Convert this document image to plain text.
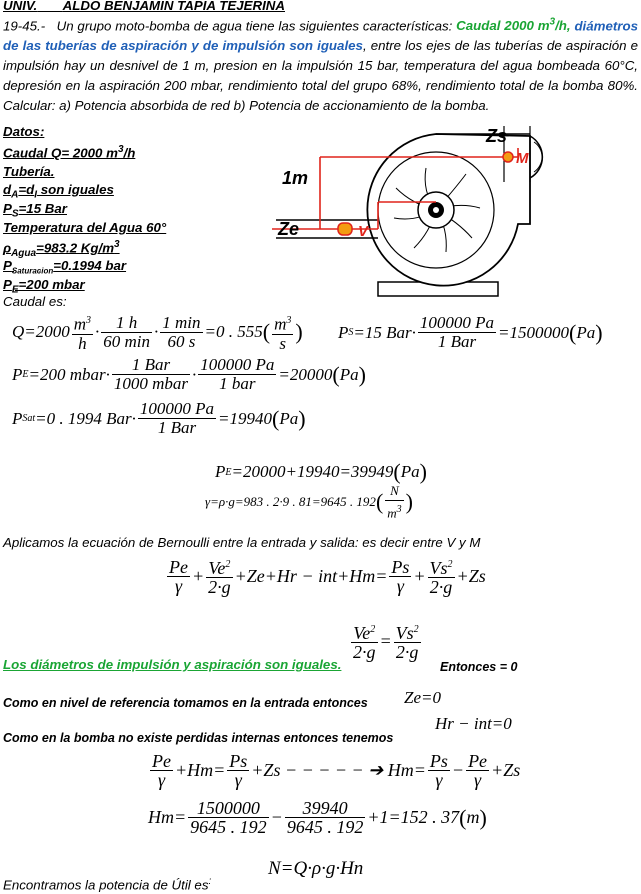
UNIV. ALDO BENJAMIN TAPIA TEJERINA
19-45.- Un grupo moto-bomba de agua tiene las siguientes características: Caudal 2000 $m^3/h$, diámetros de las tuberías de aspiración y de impulsión son iguales, entre los ejes de las tuberías de aspiración e impulsión hay un desnivel de 1 m, presion en la impulsión 15 bar, temperatura del agua bombeada 60°C, depresión en la aspiración 200 mbar, rendimiento total del grupo 68%, rendimiento total de la bomba 80%. Calcular: a) Potencia absorbida de red b) Potencia de accionamiento de la bomba.
Datos:
Caudal Q= 2000 $m^3/h$
Tubería.
$d_A=d_I$ son iguales
$P_S=15$ Bar
Temperatura del Agua 60°
$\rho_{Agua}=983.2$ $Kg/m^3$
$P_{Saturacion}=0.1994$ bar
$P_E=200$ mbar
Caudal es:
1m
Ze	V
Zs
M
$Q=2000 \frac{m^3}{h} \cdot \frac{1 h}{60 \min} \cdot \frac{1 \min}{60 s} =0$ . 555 ( $\frac{m^3}{s}$ ) P S =15 $Bar\cdot \frac{100000 Pa}{\text{1 Bar}} =1500000$ ( Pa )
P E =200 mbar· $\frac{\text{1 Bar}}{\text{1000 mbar}} \cdot \frac{100000 Pa}{\text{1 bar}} =20000$ ( Pa )
P Sat =0 . 1994 $Bar\cdot \frac{100000 Pa}{\text{1 Bar}} =19940$ ( Pa )
P E =20000+19940=39949 ( Pa )
γ=ρ·g=983 . 2·9 . 81=9645 . 192 ( $\frac{N}{m^3}$ )
Aplicamos la ecuación de Bernoulli entre la entrada y salida: es decir entre V y M
$\frac{Pe}{\gamma} + \frac{Ve^2}{2\cdot g} +Ze+Hr - int+Hm= \frac{Ps}{\gamma} + \frac{Vs^2}{2\cdot g} +Zs$
$\frac{Ve^2}{2\cdot g} = \frac{Vs^2}{2\cdot g}$
Los diámetros de impulsión y aspiración son iguales.	Entonces = 0
Como en nivel de referencia tomamos en la entrada entonces Ze=0
Hr − int=0
Como en la bomba no existe perdidas internas entonces tenemos
$\frac{Pe}{\gamma} +Hm= \frac{Ps}{\gamma} +Zs$ − − − − − ➔ $Hm= \frac{Ps}{\gamma} - \frac{Pe}{\gamma} +Zs$
$Hm= \frac{1500000}{9645 . 192} - \frac{39940}{9645 . 192} +1=152$ . 37 ( m )
Encontramos la potencia de Útil es:
N=Q·ρ·g·Hn
